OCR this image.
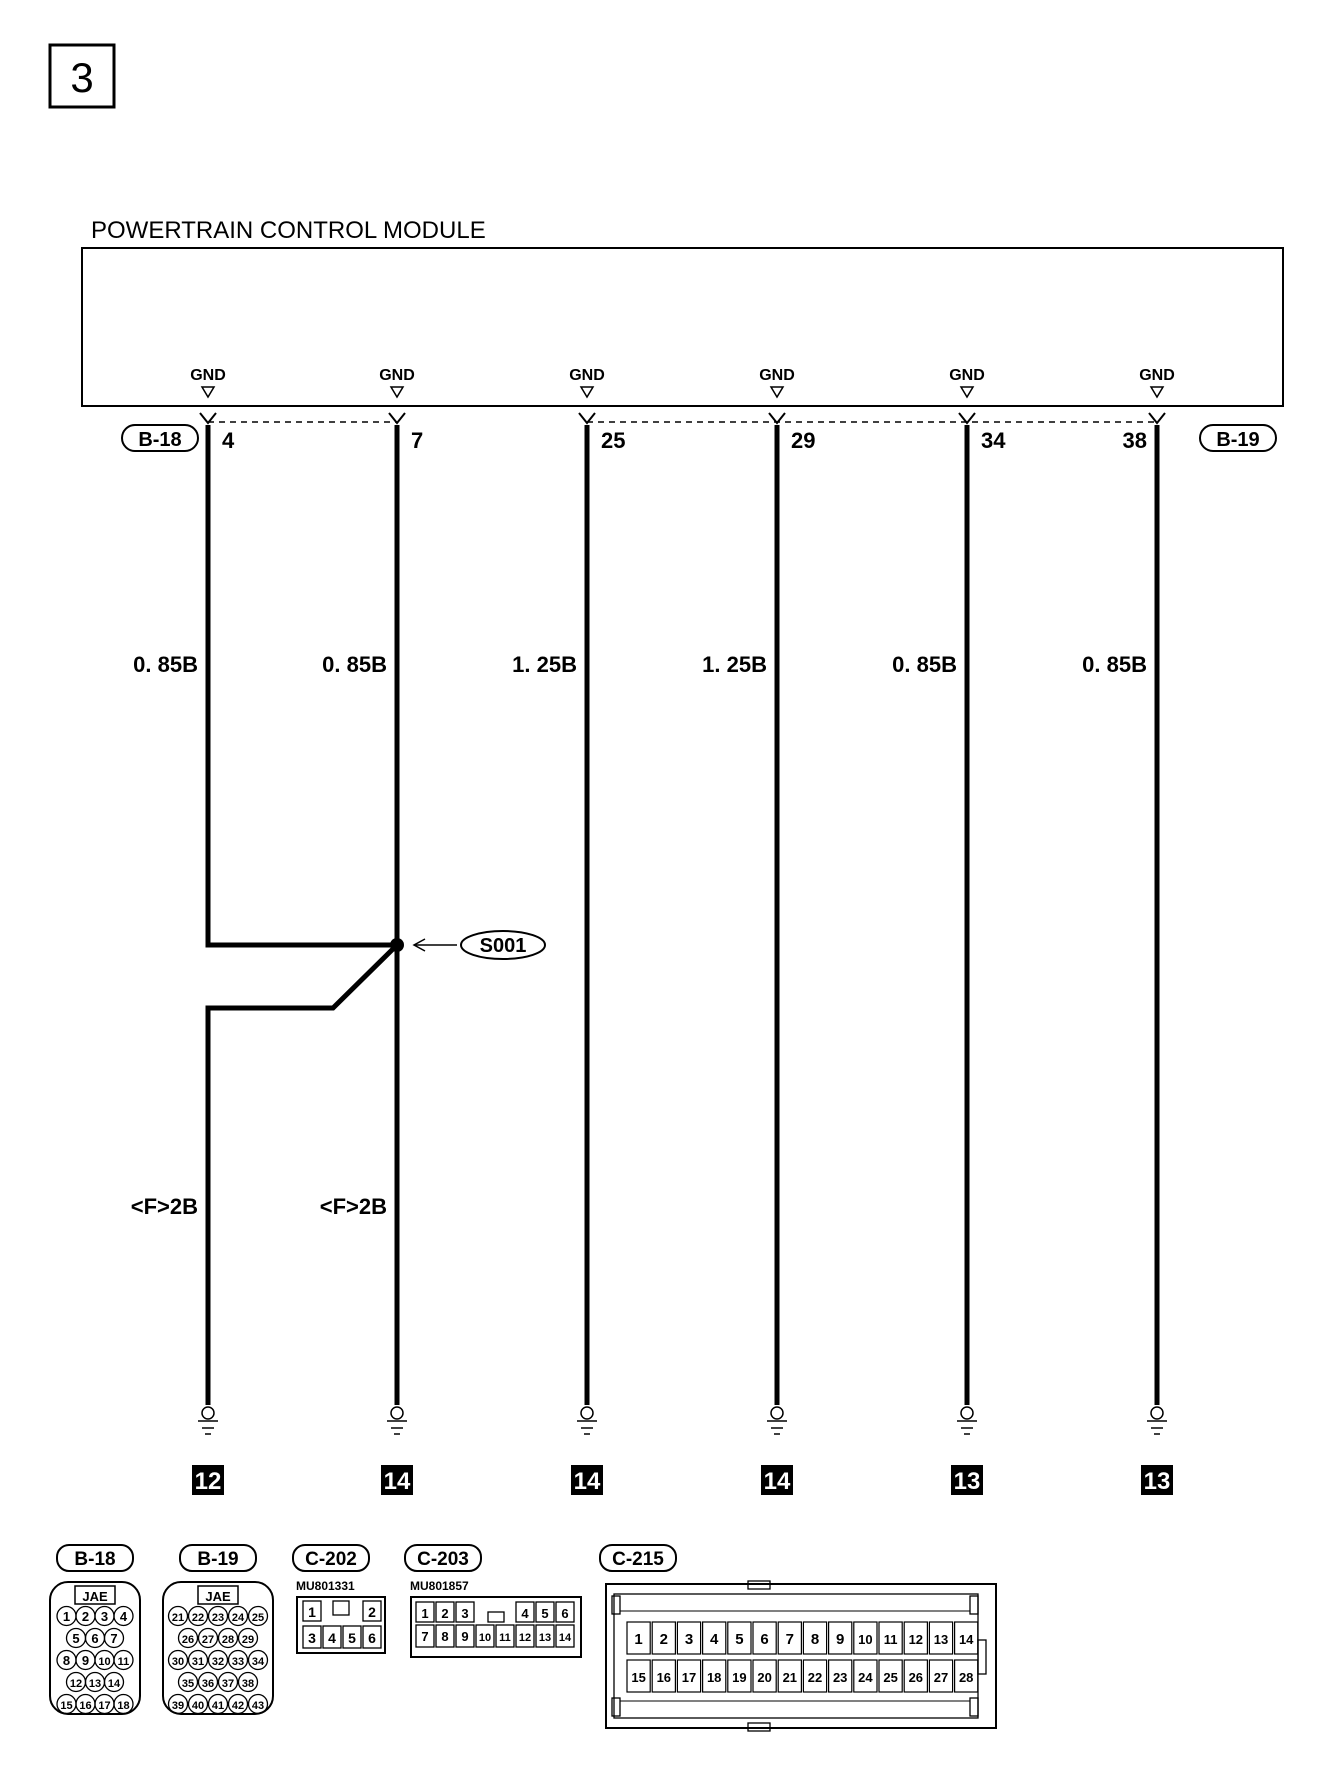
3
POWERTRAIN CONTROL MODULE
B-18	B-19
GND
4
0. 85B
<F>2B
12
GND
7
0. 85B
<F>2B
14
GND
25
1. 25B
14
GND
29
1. 25B
14
GND
34
0. 85B
13
GND
38
0. 85B
13
S001
B-18
JAE
1 2 3 4
5 6 7
8 9 10 11
12 13 14
15 16 17 18
B-19
JAE
21 22 23 24 25
26 27 28 29
30 31 32 33 34
35 36 37 38
39 40 41 42 43
C-202
MU801331
1	2
3 4 5 6
C-203
MU801857
1 2 3	4 5 6
7 8 9 10 11 12 13 14
C-215
1 2 3 4 5 6 7 8 9 10 11 12 13 14
15 16 17 18 19 20 21 22 23 24 25 26 27 28
